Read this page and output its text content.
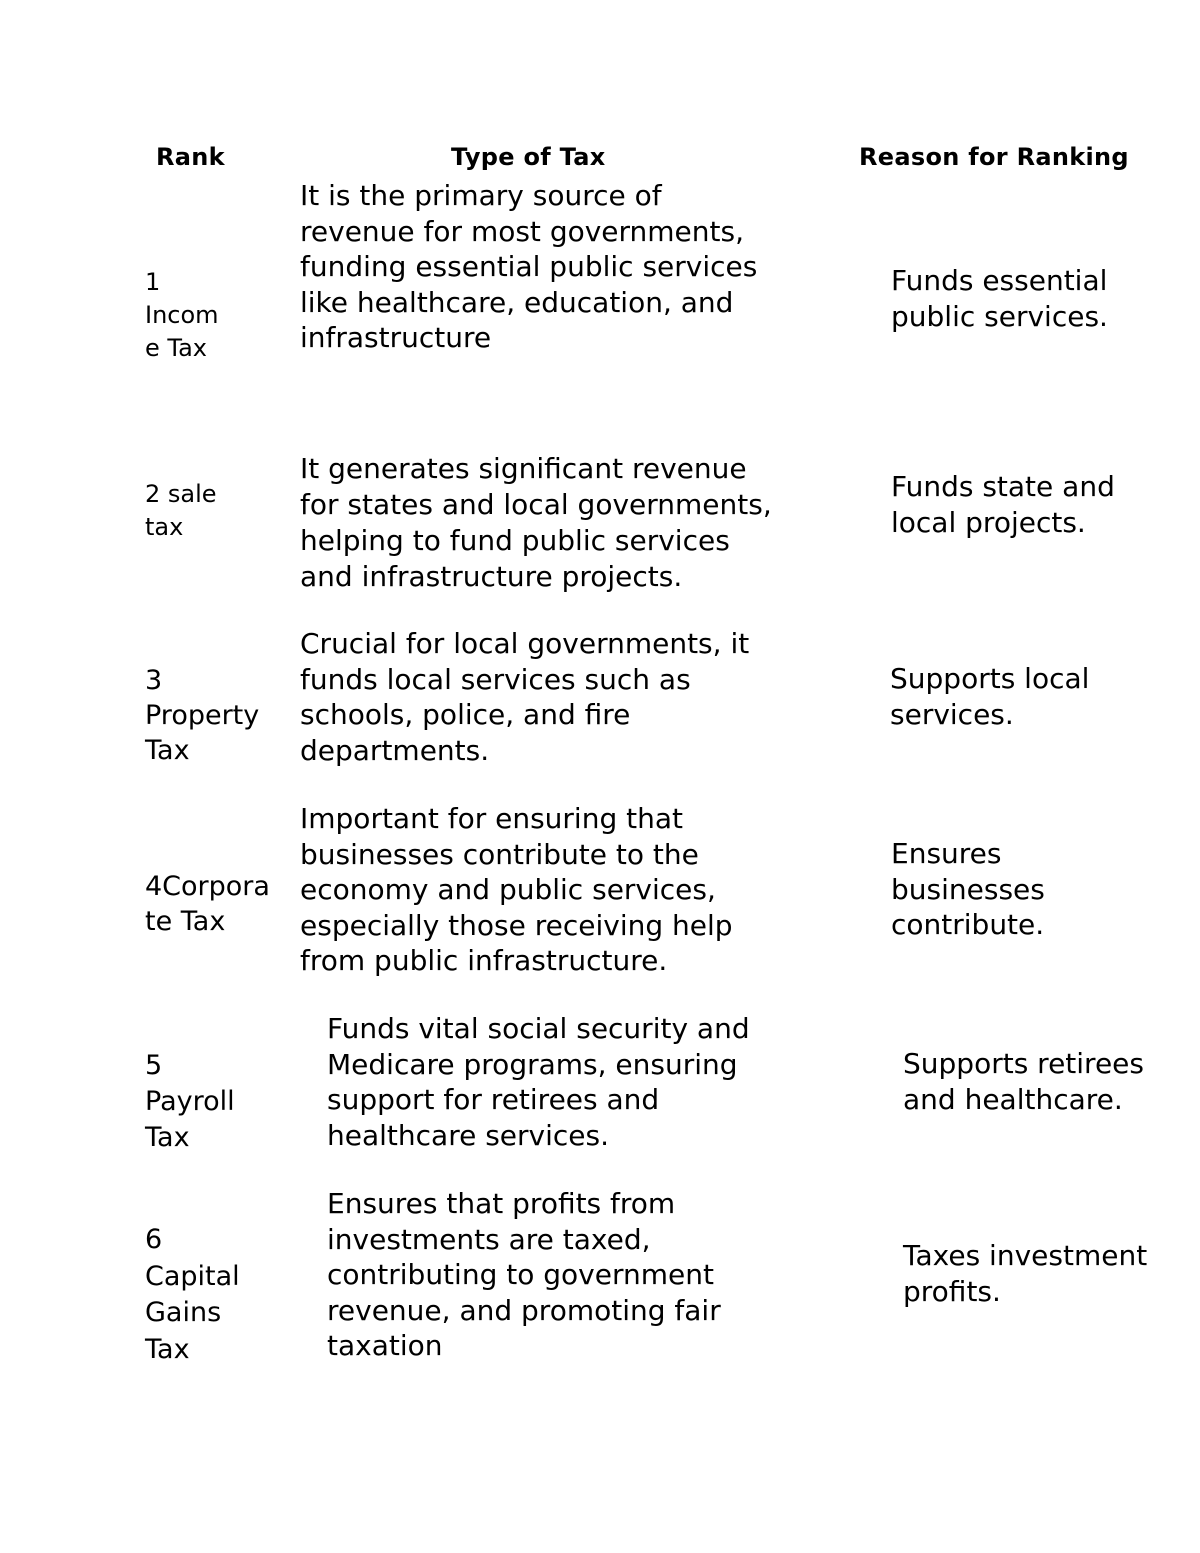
Rank	Type of Tax	Reason for Ranking
1
Incom
e Tax
It is the primary source of
revenue for most governments,
funding essential public services
like healthcare, education, and
infrastructure
Funds essential
public services.
2 sale
tax
It generates significant revenue
for states and local governments,
helping to fund public services
and infrastructure projects.
Funds state and
local projects.
3
Property
Tax
Crucial for local governments, it
funds local services such as
schools, police, and fire
departments.
Supports local
services.
4Corpora
te Tax
Important for ensuring that
businesses contribute to the
economy and public services,
especially those receiving help
from public infrastructure.
Ensures
businesses
contribute.
5
Payroll
Tax
Funds vital social security and
Medicare programs, ensuring
support for retirees and
healthcare services.
Supports retirees
and healthcare.
6
Capital
Gains
Tax
Ensures that profits from
investments are taxed,
contributing to government
revenue, and promoting fair
taxation
Taxes investment
profits.
